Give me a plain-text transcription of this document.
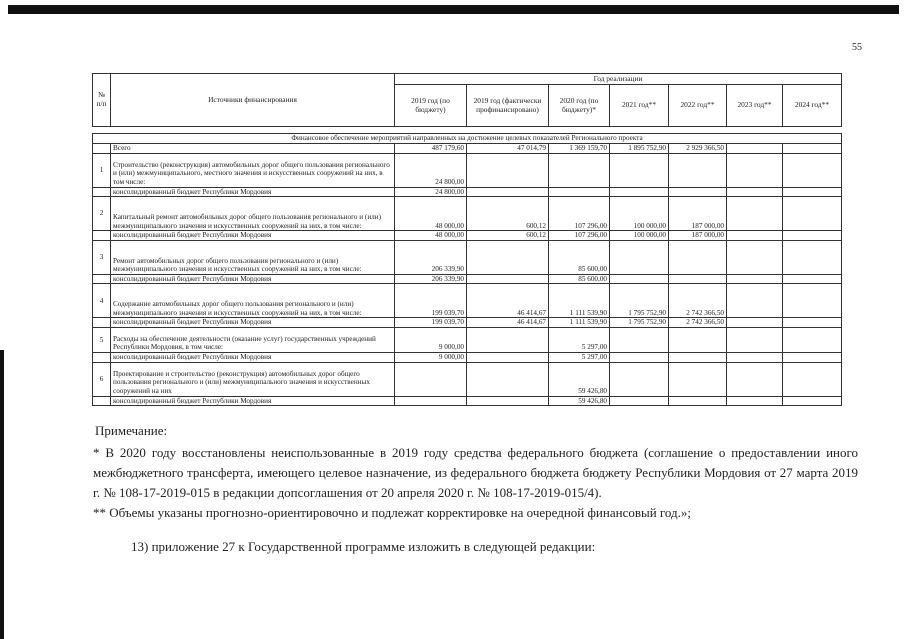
55
№ п/п	Источники финансирования	Год реализации						
		2019 год (по бюджету)	2019 год (фактически профинансировано)	2020 год (по бюджету)*	2021 год**	2022 год**	2023 год**	2024 год**

Финансовое обеспечение мероприятий направленных на достижение целевых показателей Регионального проекта								
	Всего	487 179,60	47 014,79	1 369 159,70	1 895 752,90	2 929 366,50		
1	Строительство (реконструкция) автомобильных дорог общего пользования регионального и (или) межмуниципального, местного значения и искусственных сооружений на них, в том числе:	24 800,00						
	консолидированный бюджет Республики Мордовия	24 800,00						
2	Капитальный ремонт автомобильных дорог общего пользования регионального и (или) межмуниципального значения и искусственных сооружений на них, в том числе:	48 000,00	600,12	107 296,00	100 000,00	187 000,00		
	консолидированный бюджет Республики Мордовия	48 000,00	600,12	107 296,00	100 000,00	187 000,00		
3	Ремонт автомобильных дорог общего пользования регионального и (или) межмуниципального значения и искусственных сооружений на них, в том числе:	206 339,90		85 600,00				
	консолидированный бюджет Республики Мордовия	206 339,90		85 600,00				
4	Содержание автомобильных дорог общего пользования регионального и (или) межмуниципального значения и искусственных сооружений на них, в том числе:	199 039,70	46 414,67	1 111 539,90	1 795 752,90	2 742 366,50		
	консолидированный бюджет Республики Мордовия	199 039,70	46 414,67	1 111 539,90	1 795 752,90	2 742 366,50		
5	Расходы на обеспечение деятельности (оказание услуг) государственных учреждений Республики Мордовия, в том числе:	9 000,00		5 297,00				
	консолидированный бюджет Республики Мордовия	9 000,00		5 297,00				
6	Проектирование и строительство (реконструкция) автомобильных дорог общего пользования регионального и (или) межмуниципального значения и искусственных сооружений на них			59 426,80				
	консолидированный бюджет Республики Мордовия			59 426,80				

Примечание:

* В 2020 году восстановлены неиспользованные в 2019 году средства федерального бюджета (соглашение о предоставлении иного межбюджетного трансферта, имеющего целевое назначение, из федерального бюджета бюджету Республики Мордовия от 27 марта 2019 г. № 108-17-2019-015 в редакции допсоглашения от 20 апреля 2020 г. № 108-17-2019-015/4).

** Объемы указаны прогнозно-ориентировочно и подлежат корректировке на очередной финансовый год.»;

13) приложение 27 к Государственной программе изложить в следующей редакции:
